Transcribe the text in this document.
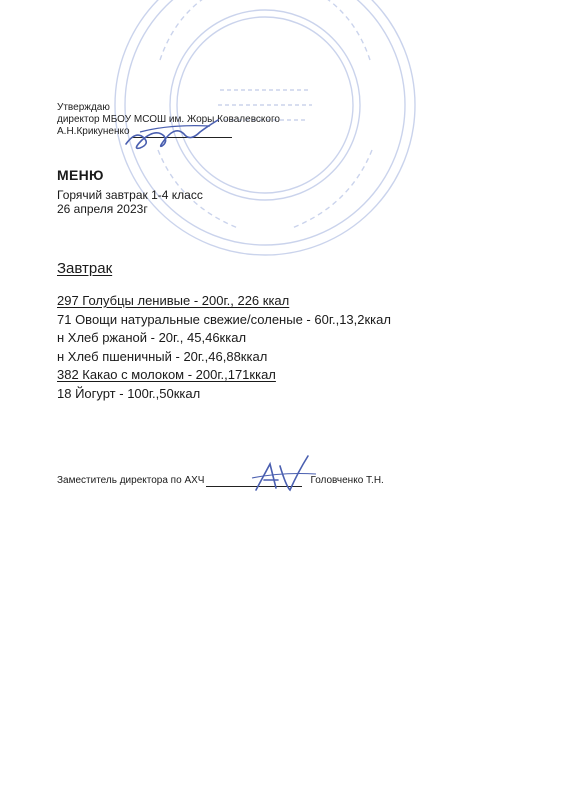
Утверждаю
директор МБОУ МСОШ им. Жоры Ковалевского
А.Н.Крикуненко
МЕНЮ
Горячий завтрак 1-4 класс
26 апреля 2023г
Завтрак
297 Голубцы ленивые - 200г., 226 ккал
71 Овощи натуральные свежие/соленые - 60г.,13,2ккал
н Хлеб ржаной - 20г., 45,46ккал
н Хлеб пшеничный - 20г.,46,88ккал
382 Какао с молоком - 200г.,171ккал
18 Йогурт - 100г.,50ккал
Заместитель директора по АХЧ	Головченко Т.Н.
